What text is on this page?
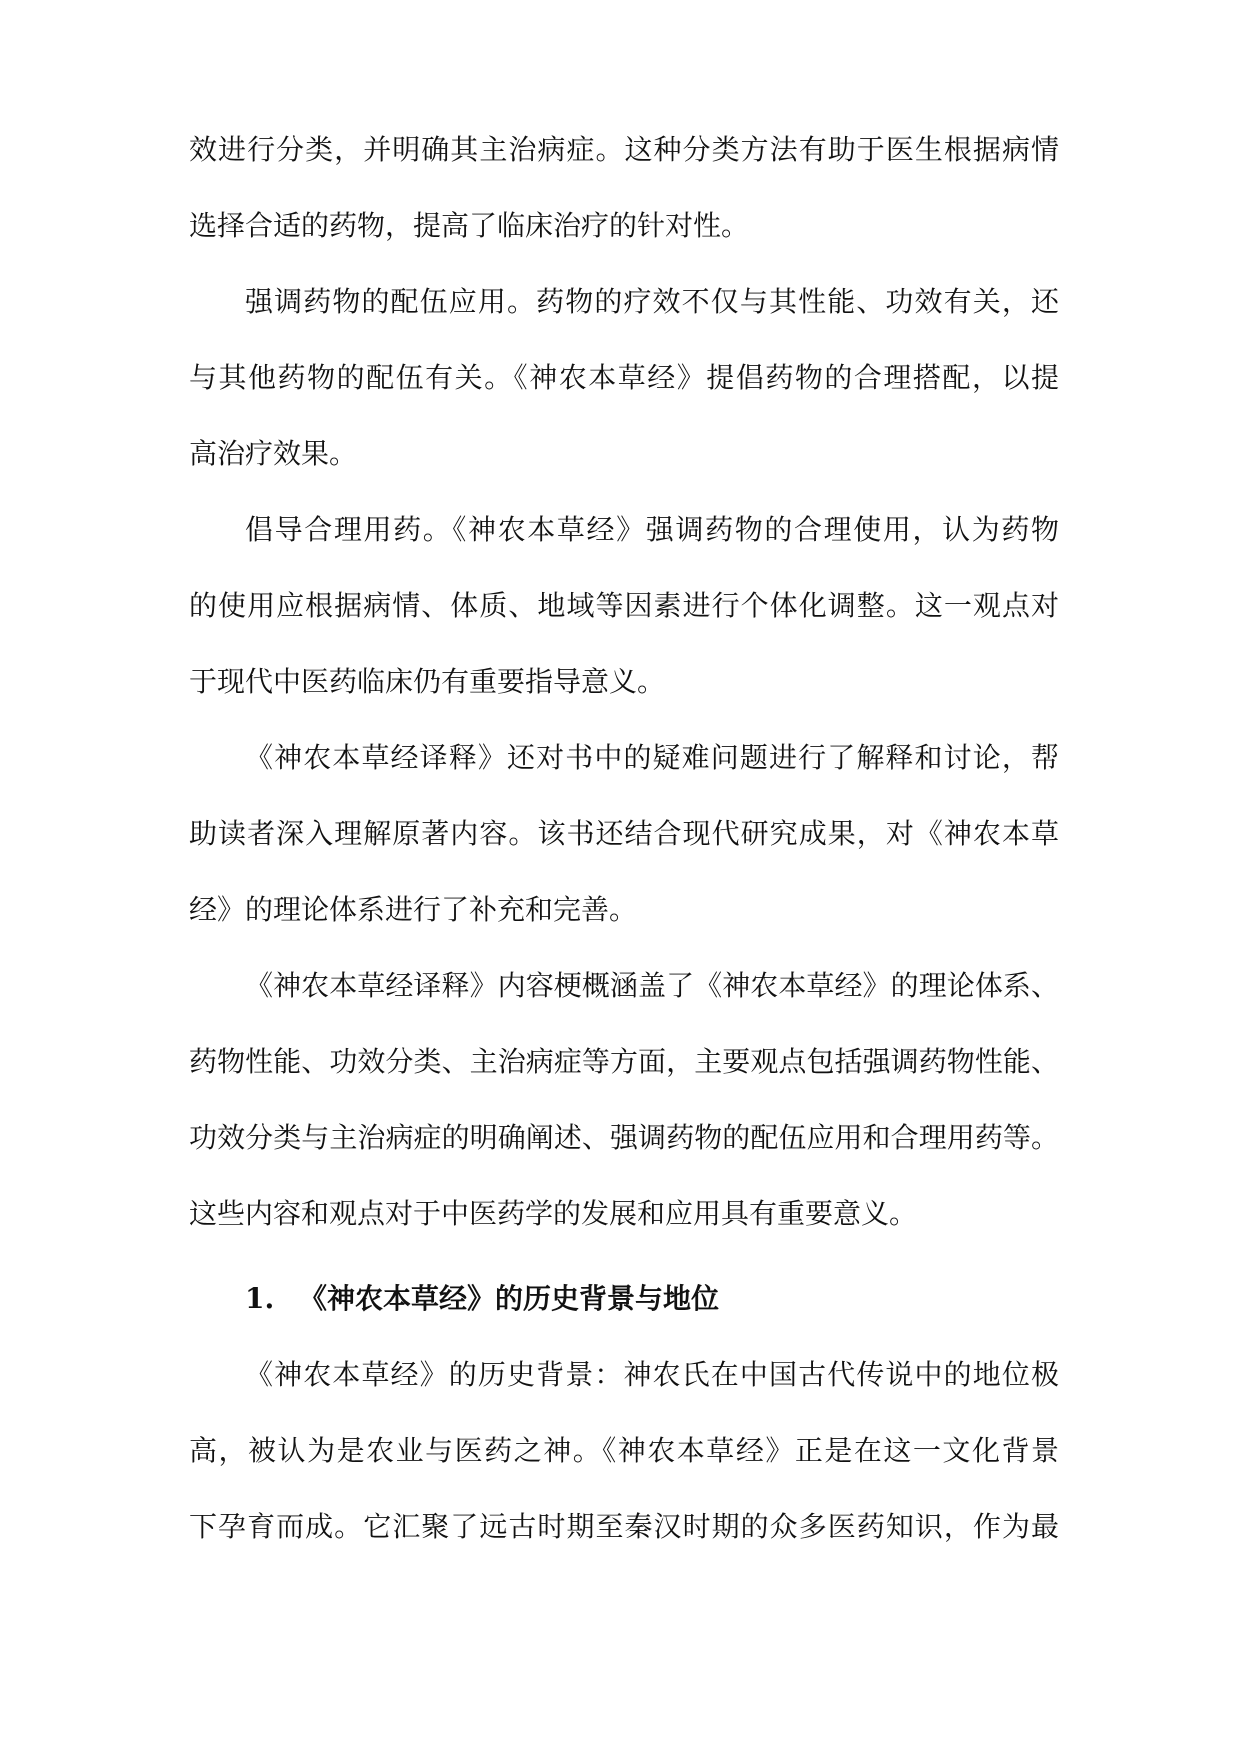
效进行分类，并明确其主治病症。这种分类方法有助于医生根据病情
选择合适的药物，提高了临床治疗的针对性。
强调药物的配伍应用。药物的疗效不仅与其性能、功效有关，还
与其他药物的配伍有关。《神农本草经》提倡药物的合理搭配，以提
高治疗效果。
倡导合理用药。《神农本草经》强调药物的合理使用，认为药物
的使用应根据病情、体质、地域等因素进行个体化调整。这一观点对
于现代中医药临床仍有重要指导意义。
《神农本草经译释》还对书中的疑难问题进行了解释和讨论，帮
助读者深入理解原著内容。该书还结合现代研究成果，对《神农本草
经》的理论体系进行了补充和完善。
《神农本草经译释》内容梗概涵盖了《神农本草经》的理论体系、
药物性能、功效分类、主治病症等方面，主要观点包括强调药物性能、
功效分类与主治病症的明确阐述、强调药物的配伍应用和合理用药等。
这些内容和观点对于中医药学的发展和应用具有重要意义。
1. 《神农本草经》的历史背景与地位
《神农本草经》的历史背景：神农氏在中国古代传说中的地位极
高，被认为是农业与医药之神。《神农本草经》正是在这一文化背景
下孕育而成。它汇聚了远古时期至秦汉时期的众多医药知识，作为最
